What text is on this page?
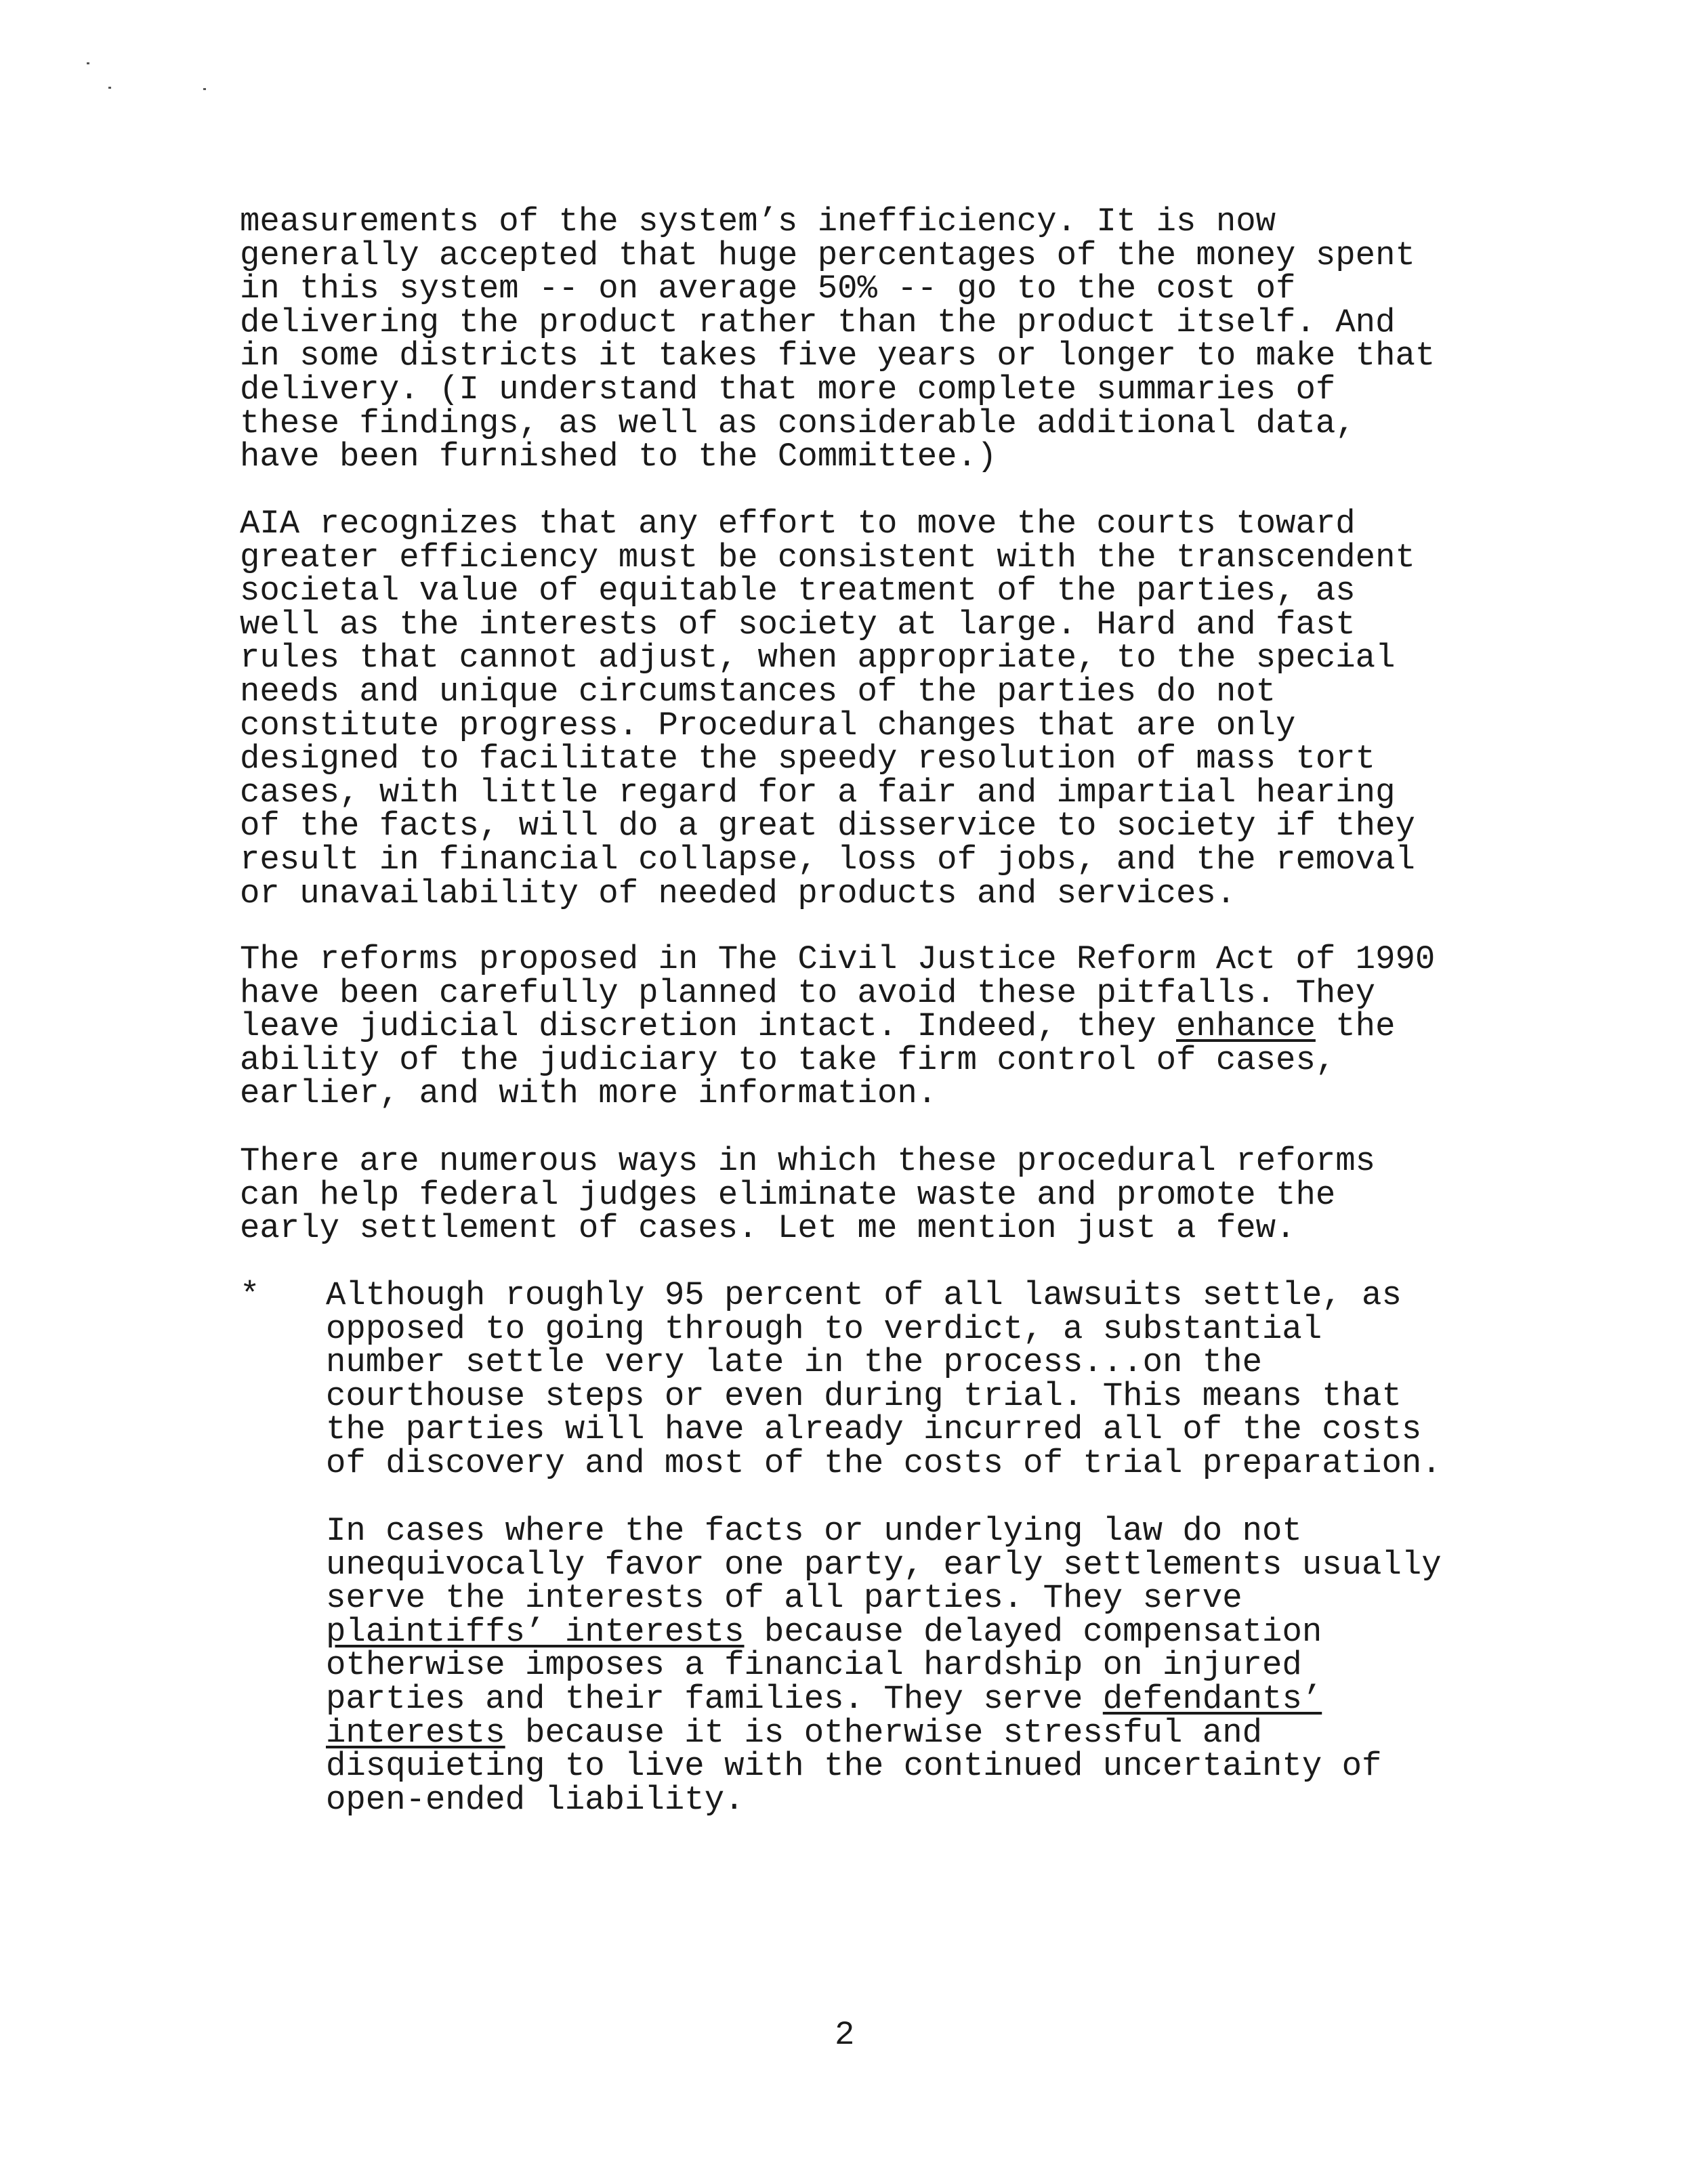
measurements of the system’s inefficiency. It is now
generally accepted that huge percentages of the money spent
in this system -- on average 50% -- go to the cost of
delivering the product rather than the product itself. And
in some districts it takes five years or longer to make that
delivery. (I understand that more complete summaries of
these findings, as well as considerable additional data,
have been furnished to the Committee.)

AIA recognizes that any effort to move the courts toward
greater efficiency must be consistent with the transcendent
societal value of equitable treatment of the parties, as
well as the interests of society at large. Hard and fast
rules that cannot adjust, when appropriate, to the special
needs and unique circumstances of the parties do not
constitute progress. Procedural changes that are only
designed to facilitate the speedy resolution of mass tort
cases, with little regard for a fair and impartial hearing
of the facts, will do a great disservice to society if they
result in financial collapse, loss of jobs, and the removal
or unavailability of needed products and services.

The reforms proposed in The Civil Justice Reform Act of 1990
have been carefully planned to avoid these pitfalls. They
leave judicial discretion intact. Indeed, they enhance the
ability of the judiciary to take firm control of cases,
earlier, and with more information.

There are numerous ways in which these procedural reforms
can help federal judges eliminate waste and promote the
early settlement of cases. Let me mention just a few.

* Although roughly 95 percent of all lawsuits settle, as
opposed to going through to verdict, a substantial
number settle very late in the process...on the
courthouse steps or even during trial. This means that
the parties will have already incurred all of the costs
of discovery and most of the costs of trial preparation.

In cases where the facts or underlying law do not
unequivocally favor one party, early settlements usually
serve the interests of all parties. They serve
plaintiffs’ interests because delayed compensation
otherwise imposes a financial hardship on injured
parties and their families. They serve defendants’
interests because it is otherwise stressful and
disquieting to live with the continued uncertainty of
open-ended liability.

2
